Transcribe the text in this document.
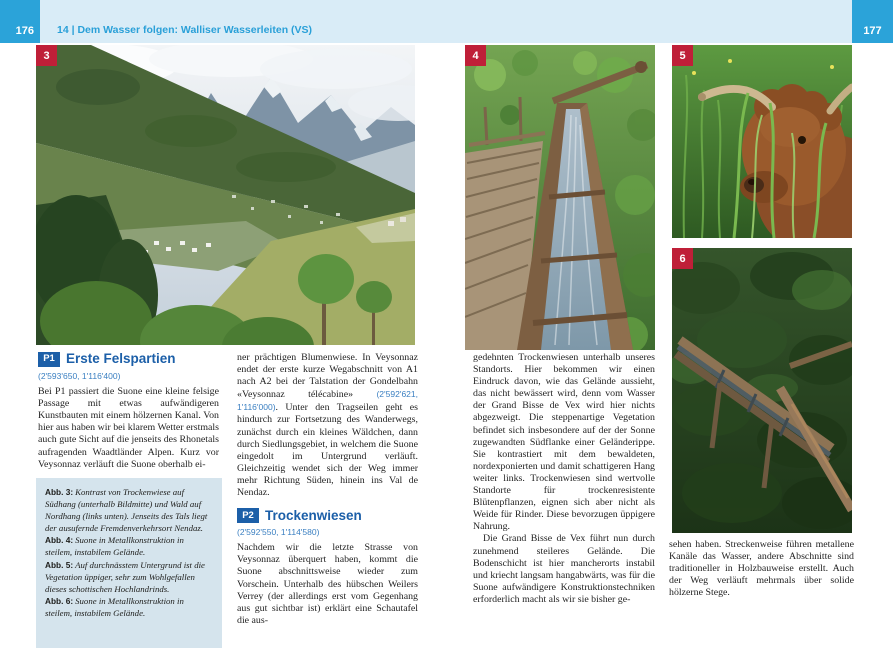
176	177
14 | Dem Wasser folgen: Walliser Wasserleiten (VS)
3	4	5
6
P1 Erste Felspartien
(2'593'650, 1'116'400)

Bei P1 passiert die Suone eine kleine felsige Passage mit etwas aufwändigeren Kunstbauten mit einem hölzernen Kanal. Von hier aus haben wir bei klarem Wetter erstmals auch gute Sicht auf die jenseits des Rhonetals aufragenden Waadtländer Alpen. Kurz vor Veysonnaz verläuft die Suone oberhalb ei-

Abb. 3: Kontrast von Trockenwiese auf Südhang (unterhalb Bildmitte) und Wald auf Nordhang (links unten). Jenseits des Tals liegt der ausufernde Fremdenverkehrsort Nendaz.
Abb. 4: Suone in Metallkonstruktion in steilem, instabilem Gelände.
Abb. 5: Auf durchnässtem Untergrund ist die Vegetation üppiger, sehr zum Wohlgefallen dieses schottischen Hochlandrinds.
Abb. 6: Suone in Metallkonstruktion in steilem, instabilem Gelände.

ner prächtigen Blumenwiese. In Veysonnaz endet der erste kurze Wegabschnitt von A1 nach A2 bei der Talstation der Gondelbahn «Veysonnaz télécabine» (2'592'621, 1'116'000). Unter den Tragseilen geht es hindurch zur Fortsetzung des Wanderwegs, zunächst durch ein kleines Wäldchen, dann durch Siedlungsgebiet, in welchem die Suone eingedolt im Untergrund verläuft. Gleichzeitig wendet sich der Weg immer mehr Richtung Süden, hinein ins Val de Nendaz.

P2 Trockenwiesen
(2'592'550, 1'114'580)

Nachdem wir die letzte Strasse von Veysonnaz überquert haben, kommt die Suone abschnittsweise wieder zum Vorschein. Unterhalb des hübschen Weilers Verrey (der allerdings erst vom Gegenhang aus gut sichtbar ist) erklärt eine Schautafel die aus-

gedehnten Trockenwiesen unterhalb unseres Standorts. Hier bekommen wir einen Eindruck davon, wie das Gelände aussieht, das nicht bewässert wird, denn vom Wasser der Grand Bisse de Vex wird hier nichts abgezweigt. Die steppenartige Vegetation befindet sich insbesondere auf der der Sonne zugewandten Südflanke einer Geländerippe. Sie kontrastiert mit dem bewaldeten, nordexponierten und damit schattigeren Hang weiter links. Trockenwiesen sind wertvolle Standorte für trockenresistente Blütenpflanzen, eignen sich aber nicht als Weide für Rinder. Diese bevorzugen üppigere Nahrung.

Die Grand Bisse de Vex führt nun durch zunehmend steileres Gelände. Die Bodenschicht ist hier mancherorts instabil und kriecht langsam hangabwärts, was für die Suone aufwändigere Konstruktionstechniken erforderlich macht als wir sie bisher ge-

sehen haben. Streckenweise führen metallene Kanäle das Wasser, andere Abschnitte sind traditioneller in Holzbauweise erstellt. Auch der Weg verläuft mehrmals über solide hölzerne Stege.
